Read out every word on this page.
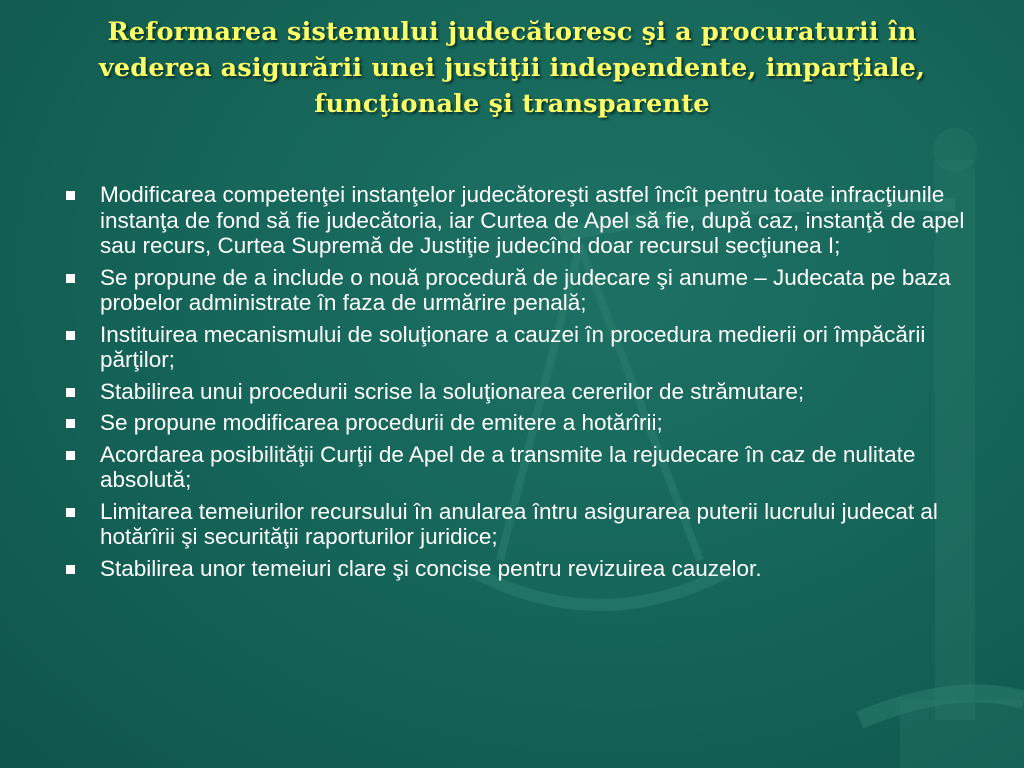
Reformarea sistemului judecătoresc şi a procuraturii în vederea asigurării unei justiţii independente, imparţiale, funcţionale şi transparente
Modificarea competenţei instanţelor judecătoreşti astfel încît pentru toate infracţiunile instanţa de fond să fie judecătoria, iar Curtea de Apel să fie, după caz, instanţă de apel sau recurs, Curtea Supremă de Justiţie judecînd doar recursul secţiunea I;
Se propune de a include o nouă procedură de judecare şi anume – Judecata pe baza probelor administrate în faza de urmărire penală;
Instituirea mecanismului de soluţionare a cauzei în procedura medierii ori împăcării părţilor;
Stabilirea unui procedurii scrise la soluţionarea cererilor de strămutare;
Se propune modificarea procedurii de emitere a hotărîrii;
Acordarea posibilităţii Curţii de Apel de a transmite la rejudecare în caz de nulitate absolută;
Limitarea temeiurilor recursului în anularea întru asigurarea puterii lucrului judecat al hotărîrii şi securităţii raporturilor juridice;
Stabilirea unor temeiuri clare şi concise pentru revizuirea cauzelor.
